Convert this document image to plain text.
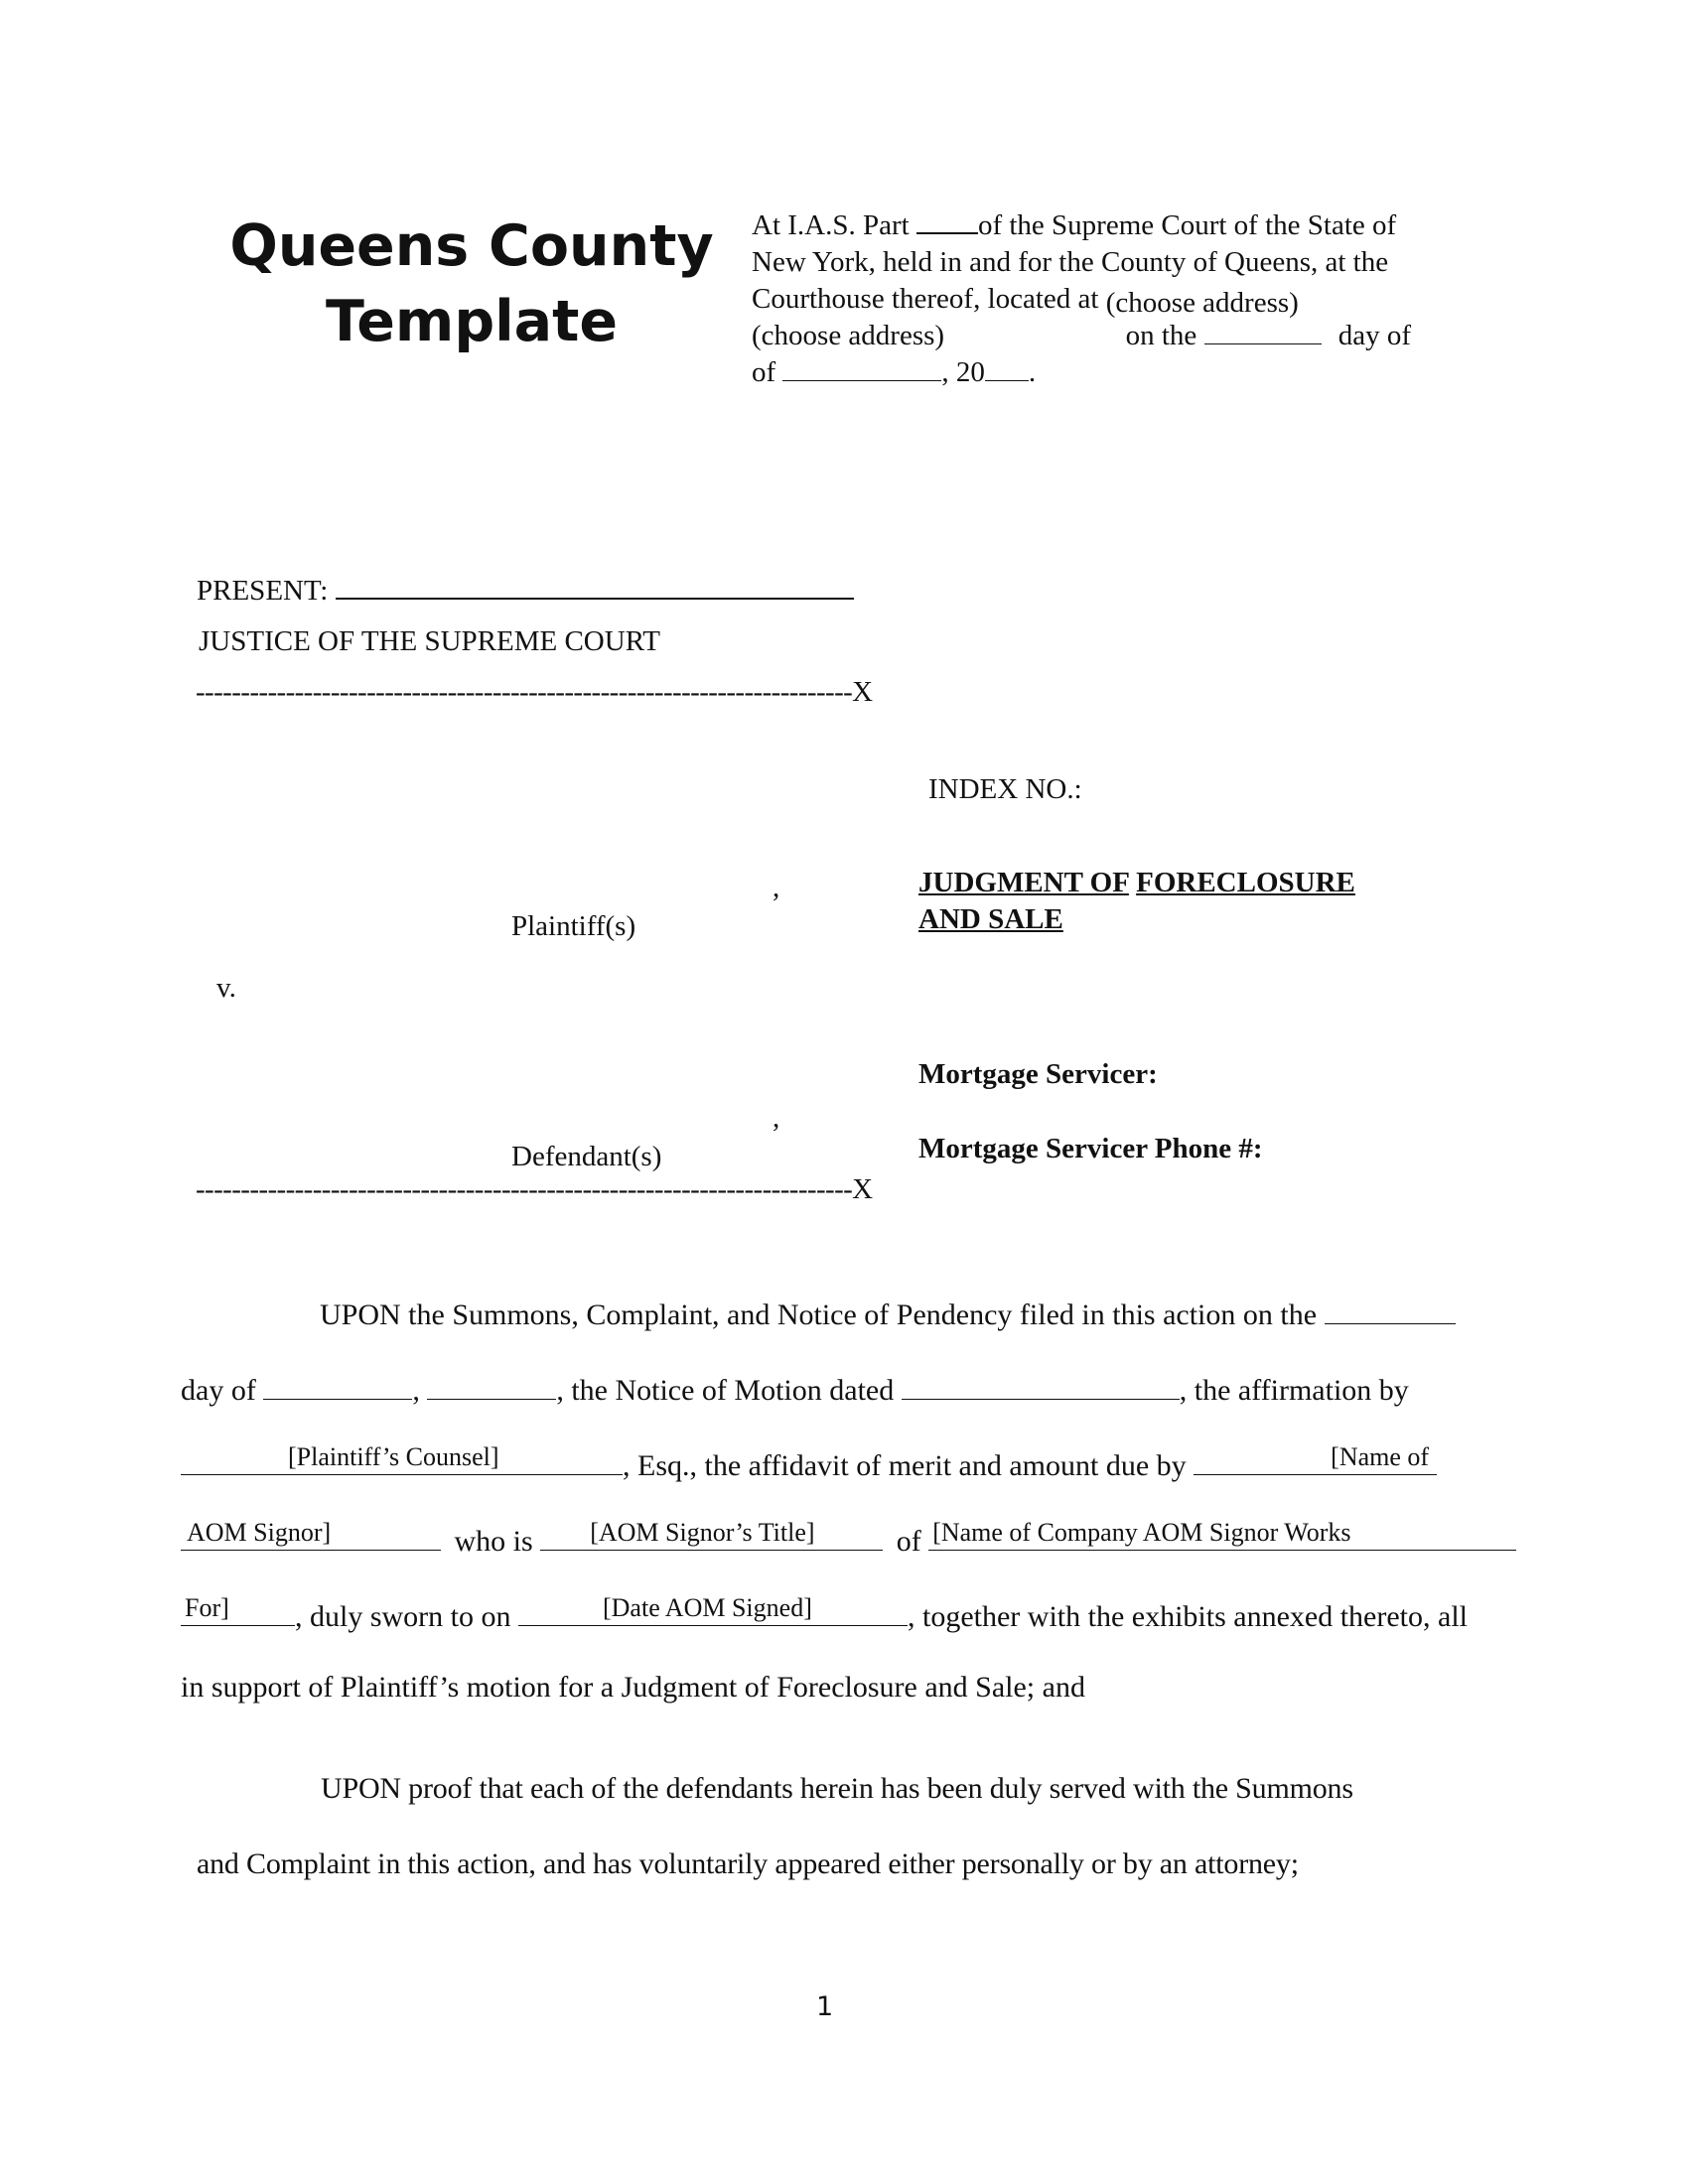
Queens County
Template
At I.A.S. Part of the Supreme Court of the State of
New York, held in and for the County of Queens, at the
Courthouse thereof, located at (choose address)
(choose address)	on the	day of
of	, 20 .
PRESENT:
JUSTICE OF THE SUPREME COURT
-------------------------------------------------------------------------X
,
Plaintiff(s)
v.
,
Defendant(s)
-------------------------------------------------------------------------X
INDEX NO.:
JUDGMENT OF FORECLOSURE
AND SALE
Mortgage Servicer:
Mortgage Servicer Phone #:
UPON the Summons, Complaint, and Notice of Pendency filed in this action on the
day of	,	, the Notice of Motion dated	, the affirmation by
[Plaintiff’s Counsel]	, Esq., the affidavit of merit and amount due by	[Name of
AOM Signor]	who is [AOM Signor’s Title]	of [Name of Company AOM Signor Works
For] , duly sworn to on	[Date AOM Signed]	, together with the exhibits annexed thereto, all
in support of Plaintiff’s motion for a Judgment of Foreclosure and Sale; and
UPON proof that each of the defendants herein has been duly served with the Summons
and Complaint in this action, and has voluntarily appeared either personally or by an attorney;
1
